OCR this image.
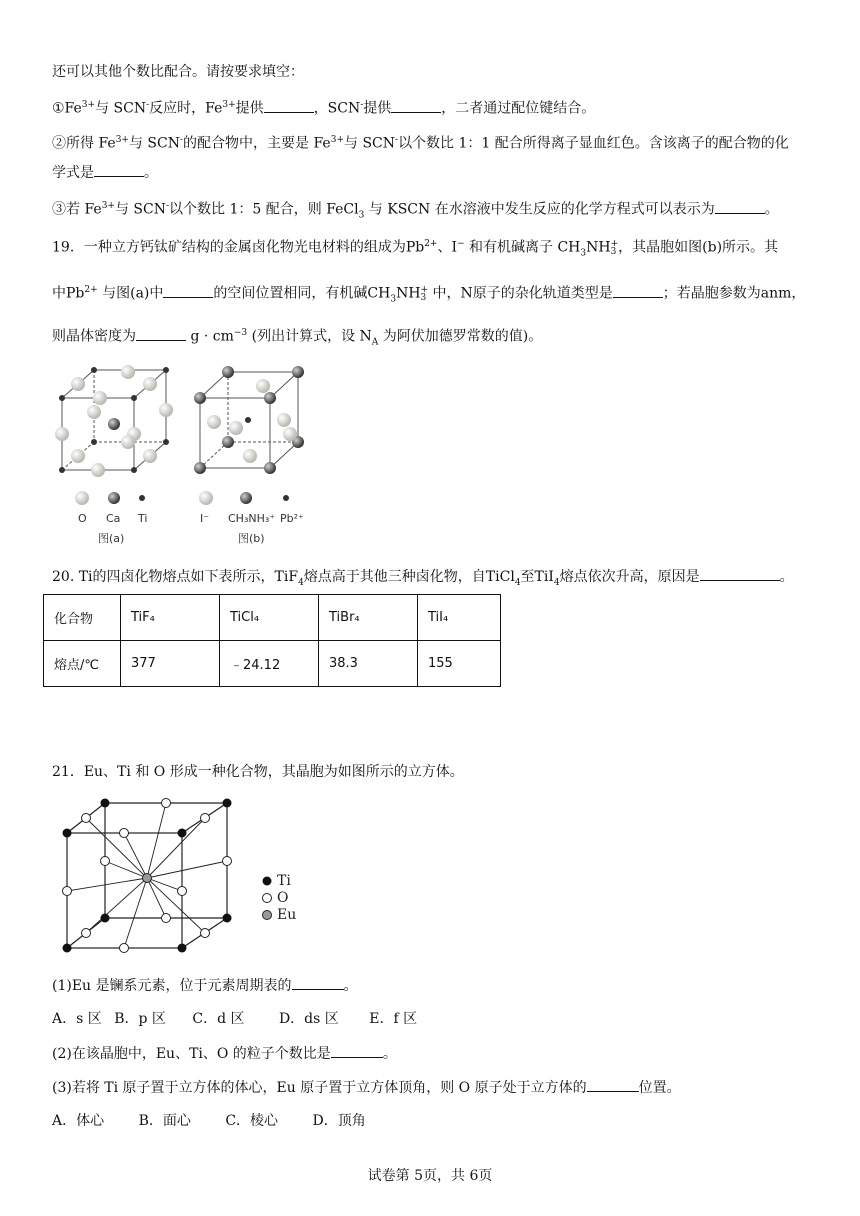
还可以其他个数比配合。请按要求填空：
$①Fe^{3+}$与 SCN-反应时，$Fe^{3+}$提供	，SCN-提供	，二者通过配位键结合。
②所得 $Fe^{3+}$与 SCN-的配合物中，主要是 $Fe^{3+}$与 SCN-以个数比 1：1 配合所得离子显血红色。含该离子的配合物的化
学式是	。
③若 $Fe^{3+}$与 SCN-以个数比 1：5 配合，则 FeCl$_3$ 与 KSCN 在水溶液中发生反应的化学方程式可以表示为	。
19．一种立方钙钛矿结构的金属卤化物光电材料的组成为$Pb^{2+}$、I− 和有机碱离子 $CH_3NH$ +
3 ，其晶胞如图(b)所示。其
中$Pb^{2+}$ 与图(a)中	的空间位置相同，有机碱$CH_3NH$ +
3 中，N原子的杂化轨道类型是	；若晶胞参数为anm，
则晶体密度为	$g \cdot cm^{-3}$ (列出计算式，设 $N_A$ 为阿伏加德罗常数的值)。
O Ca Ti
图(a)
I⁻ CH₃NH₃⁺ Pb²⁺
图(b)
20. Ti的四卤化物熔点如下表所示，TiF$_4$熔点高于其他三种卤化物，自TiCl$_4$至TiI$_4$熔点依次升高，原因是	。
化合物	TiF₄	TiCl₄	TiBr₄	TiI₄
熔点/℃	377	﹣24.12	38.3	155
21．Eu、Ti 和 O 形成一种化合物，其晶胞为如图所示的立方体。
Ti
O
Eu
(1)Eu 是镧系元素，位于元素周期表的	。
A．s 区 B．p 区 C．d 区 D．ds 区 E．f 区
(2)在该晶胞中，Eu、Ti、O 的粒子个数比是	。
(3)若将 Ti 原子置于立方体的体心，Eu 原子置于立方体顶角，则 O 原子处于立方体的	位置。
A．体心 B．面心 C．棱心 D．顶角
试卷第 5页，共 6页
